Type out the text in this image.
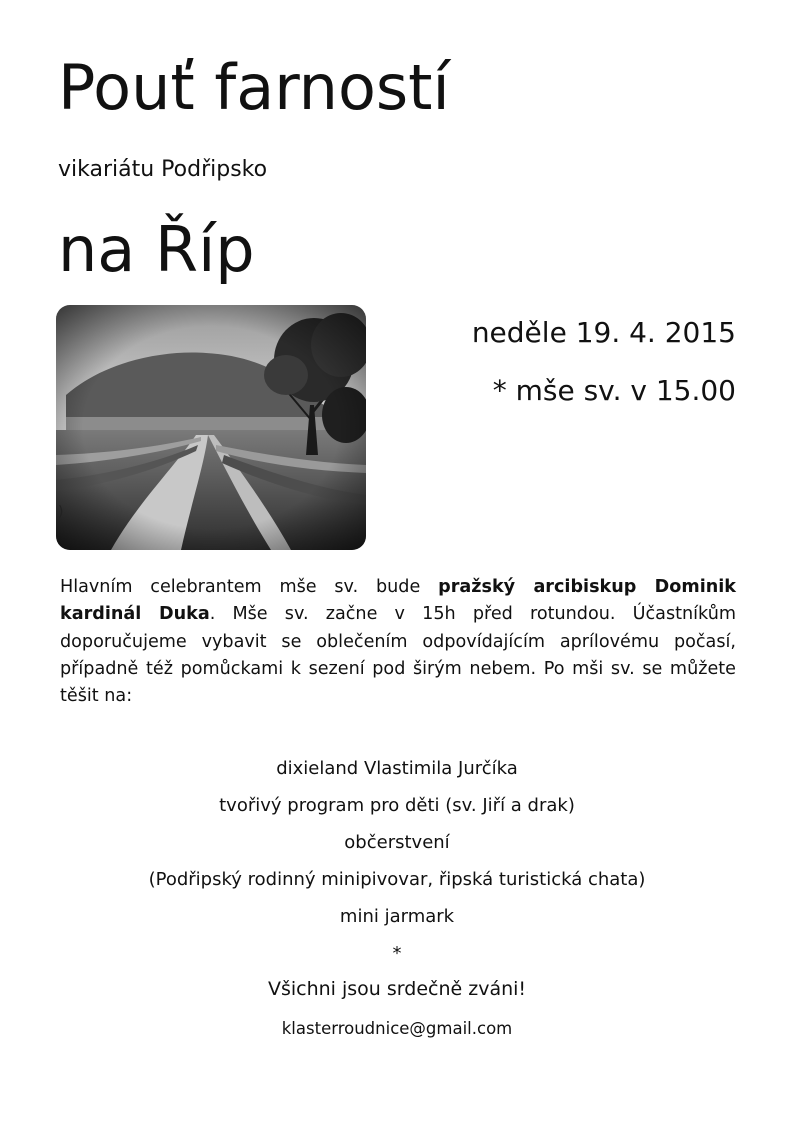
Pouť farností

vikariátu Podřipsko

na Říp
)

neděle 19. 4. 2015

* mše sv. v 15.00

Hlavním celebrantem mše sv. bude pražský arcibiskup Dominik kardinál Duka. Mše sv. začne v 15h před rotundou. Účastníkům doporučujeme vybavit se oblečením odpovídajícím aprílovému počasí, případně též pomůckami k sezení pod širým nebem. Po mši sv. se můžete těšit na:

dixieland Vlastimila Jurčíka
tvořivý program pro děti (sv. Jiří a drak)
občerstvení
(Podřipský rodinný minipivovar, řipská turistická chata)
mini jarmark
*

Všichni jsou srdečně zváni!

klasterroudnice@gmail.com
